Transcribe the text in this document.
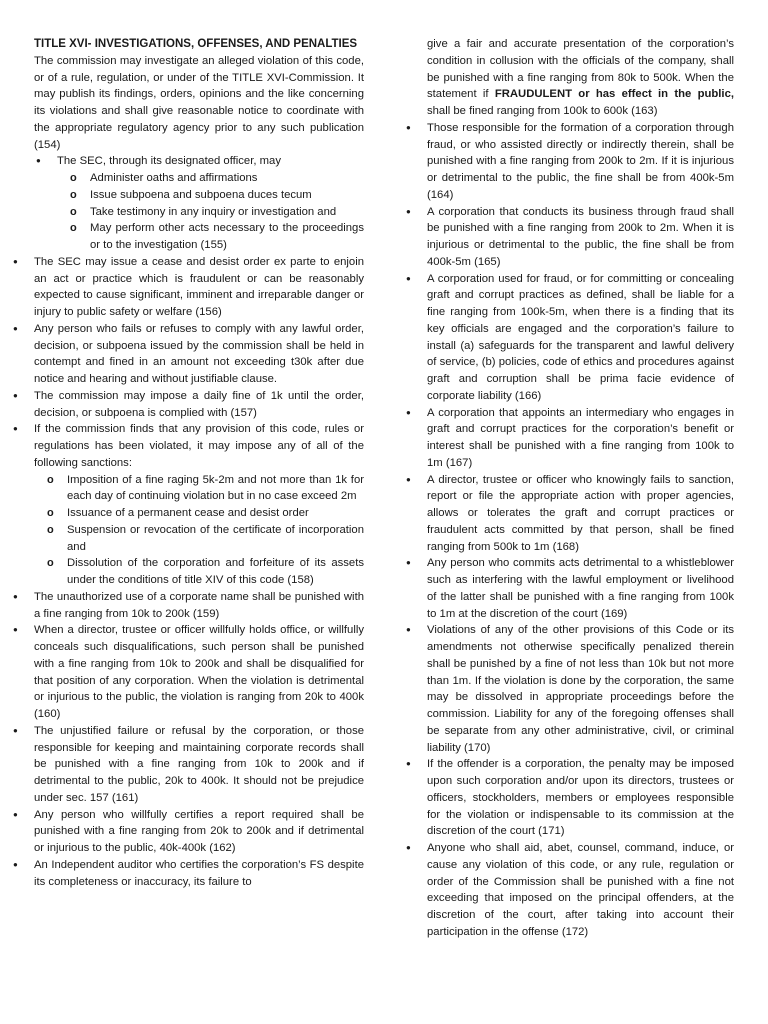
TITLE XVI- INVESTIGATIONS, OFFENSES, AND PENALTIES

The commission may investigate an alleged violation of this code, or of a rule, regulation, or under of the TITLE XVI-Commission. It may publish its findings, orders, opinions and the like concerning its violations and shall give reasonable notice to coordinate with the appropriate regulatory agency prior to any such publication (154)

● The SEC, through its designated officer, may
o Administer oaths and affirmations
o Issue subpoena and subpoena duces tecum
o Take testimony in any inquiry or investigation and
o May perform other acts necessary to the proceedings or to the investigation (155)
● The SEC may issue a cease and desist order ex parte to enjoin an act or practice which is fraudulent or can be reasonably expected to cause significant, imminent and irreparable danger or injury to public safety or welfare (156)
● Any person who fails or refuses to comply with any lawful order, decision, or subpoena issued by the commission shall be held in contempt and fined in an amount not exceeding t30k after due notice and hearing and without justifiable clause.
● The commission may impose a daily fine of 1k until the order, decision, or subpoena is complied with (157)
● If the commission finds that any provision of this code, rules or regulations has been violated, it may impose any of all of the following sanctions:
o Imposition of a fine raging 5k-2m and not more than 1k for each day of continuing violation but in no case exceed 2m
o Issuance of a permanent cease and desist order
o Suspension or revocation of the certificate of incorporation and
o Dissolution of the corporation and forfeiture of its assets under the conditions of title XIV of this code (158)
● The unauthorized use of a corporate name shall be punished with a fine ranging from 10k to 200k (159)
● When a director, trustee or officer willfully holds office, or willfully conceals such disqualifications, such person shall be punished with a fine ranging from 10k to 200k and shall be disqualified for that position of any corporation. When the violation is detrimental or injurious to the public, the violation is ranging from 20k to 400k (160)
● The unjustified failure or refusal by the corporation, or those responsible for keeping and maintaining corporate records shall be punished with a fine ranging from 10k to 200k and if detrimental to the public, 20k to 400k. It should not be prejudice under sec. 157 (161)
● Any person who willfully certifies a report required shall be punished with a fine ranging from 20k to 200k and if detrimental or injurious to the public, 40k-400k (162)
● An Independent auditor who certifies the corporation’s FS despite its completeness or inaccuracy, its failure to

give a fair and accurate presentation of the corporation’s condition in collusion with the officials of the company, shall be punished with a fine ranging from 80k to 500k. When the statement if FRAUDULENT or has effect in the public, shall be fined ranging from 100k to 600k (163)

● Those responsible for the formation of a corporation through fraud, or who assisted directly or indirectly therein, shall be punished with a fine ranging from 200k to 2m. If it is injurious or detrimental to the public, the fine shall be from 400k-5m (164)
● A corporation that conducts its business through fraud shall be punished with a fine ranging from 200k to 2m. When it is injurious or detrimental to the public, the fine shall be from 400k-5m (165)
● A corporation used for fraud, or for committing or concealing graft and corrupt practices as defined, shall be liable for a fine ranging from 100k-5m, when there is a finding that its key officials are engaged and the corporation’s failure to install (a) safeguards for the transparent and lawful delivery of service, (b) policies, code of ethics and procedures against graft and corruption shall be prima facie evidence of corporate liability (166)
● A corporation that appoints an intermediary who engages in graft and corrupt practices for the corporation’s benefit or interest shall be punished with a fine ranging from 100k to 1m (167)
● A director, trustee or officer who knowingly fails to sanction, report or file the appropriate action with proper agencies, allows or tolerates the graft and corrupt practices or fraudulent acts committed by that person, shall be fined ranging from 500k to 1m (168)
● Any person who commits acts detrimental to a whistleblower such as interfering with the lawful employment or livelihood of the latter shall be punished with a fine ranging from 100k to 1m at the discretion of the court (169)
● Violations of any of the other provisions of this Code or its amendments not otherwise specifically penalized therein shall be punished by a fine of not less than 10k but not more than 1m. If the violation is done by the corporation, the same may be dissolved in appropriate proceedings before the commission. Liability for any of the foregoing offenses shall be separate from any other administrative, civil, or criminal liability (170)
● If the offender is a corporation, the penalty may be imposed upon such corporation and/or upon its directors, trustees or officers, stockholders, members or employees responsible for the violation or indispensable to its commission at the discretion of the court (171)
● Anyone who shall aid, abet, counsel, command, induce, or cause any violation of this code, or any rule, regulation or order of the Commission shall be punished with a fine not exceeding that imposed on the principal offenders, at the discretion of the court, after taking into account their participation in the offense (172)
